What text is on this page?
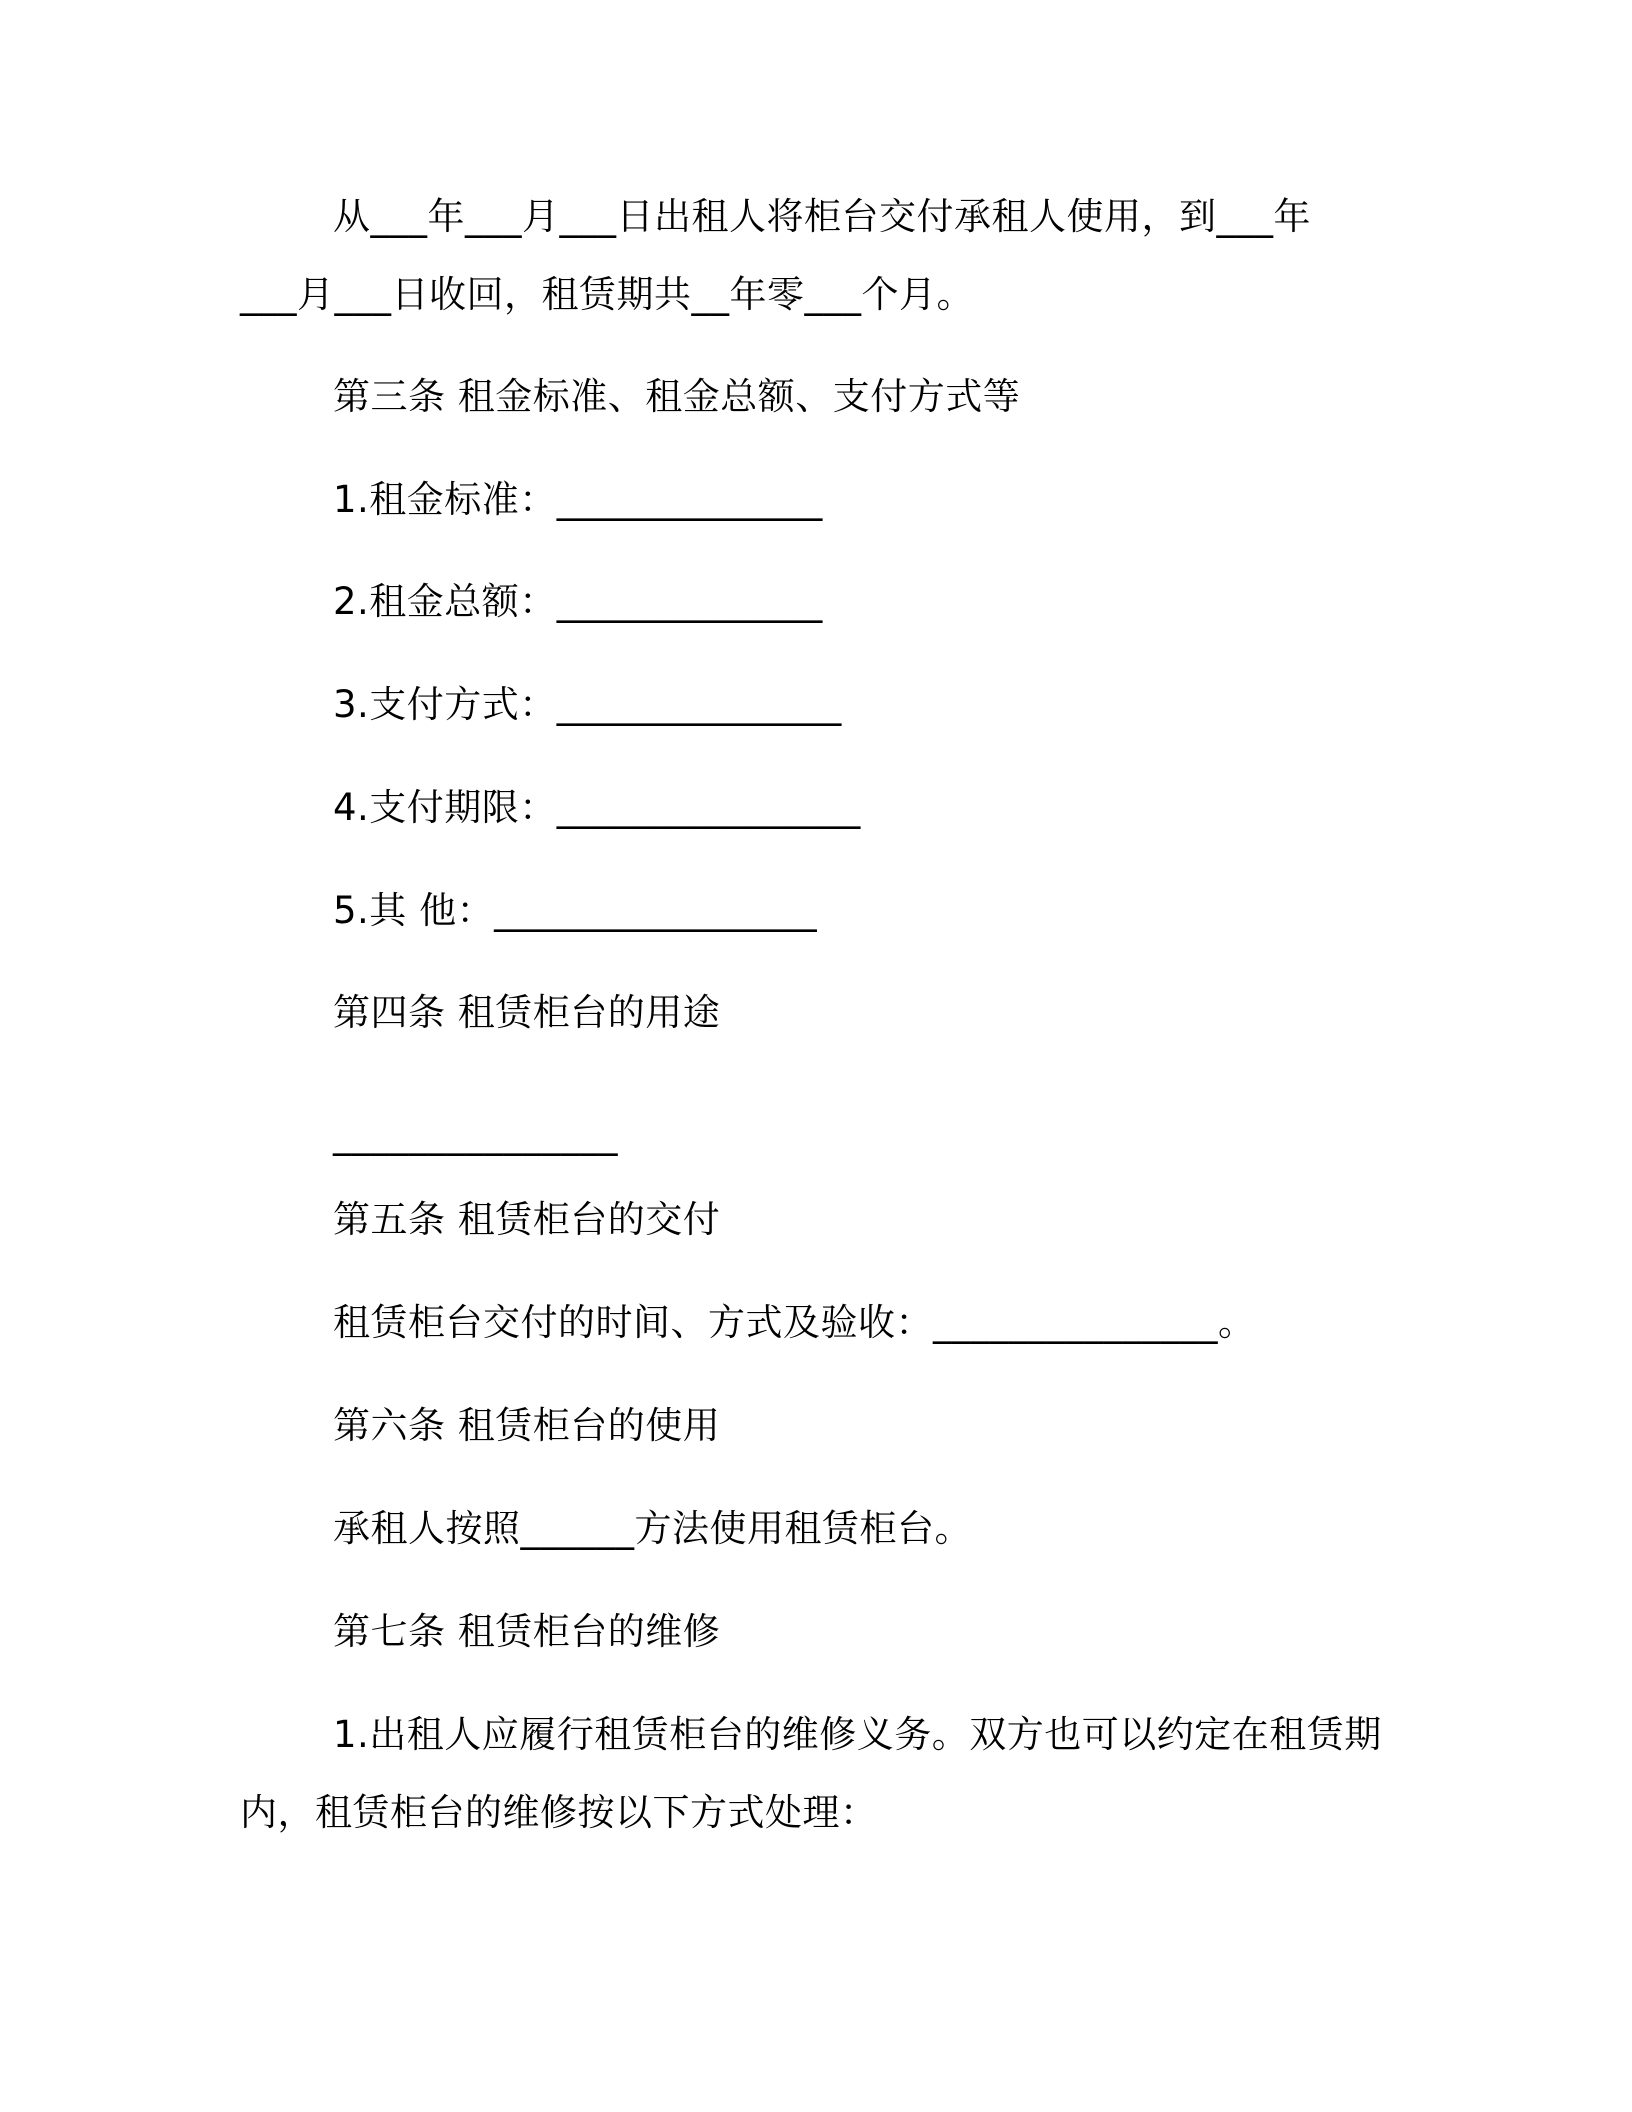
从___年___月___日出租人将柜台交付承租人使用，到___年
___月___日收回，租赁期共__年零___个月。
第三条 租金标准、租金总额、支付方式等
1.租金标准：______________
2.租金总额：______________
3.支付方式：_______________
4.支付期限：________________
5.其 他：_________________
第四条 租赁柜台的用途
_______________
第五条 租赁柜台的交付
租赁柜台交付的时间、方式及验收：_______________。
第六条 租赁柜台的使用
承租人按照______方法使用租赁柜台。
第七条 租赁柜台的维修
1.出租人应履行租赁柜台的维修义务。双方也可以约定在租赁期
内，租赁柜台的维修按以下方式处理：
